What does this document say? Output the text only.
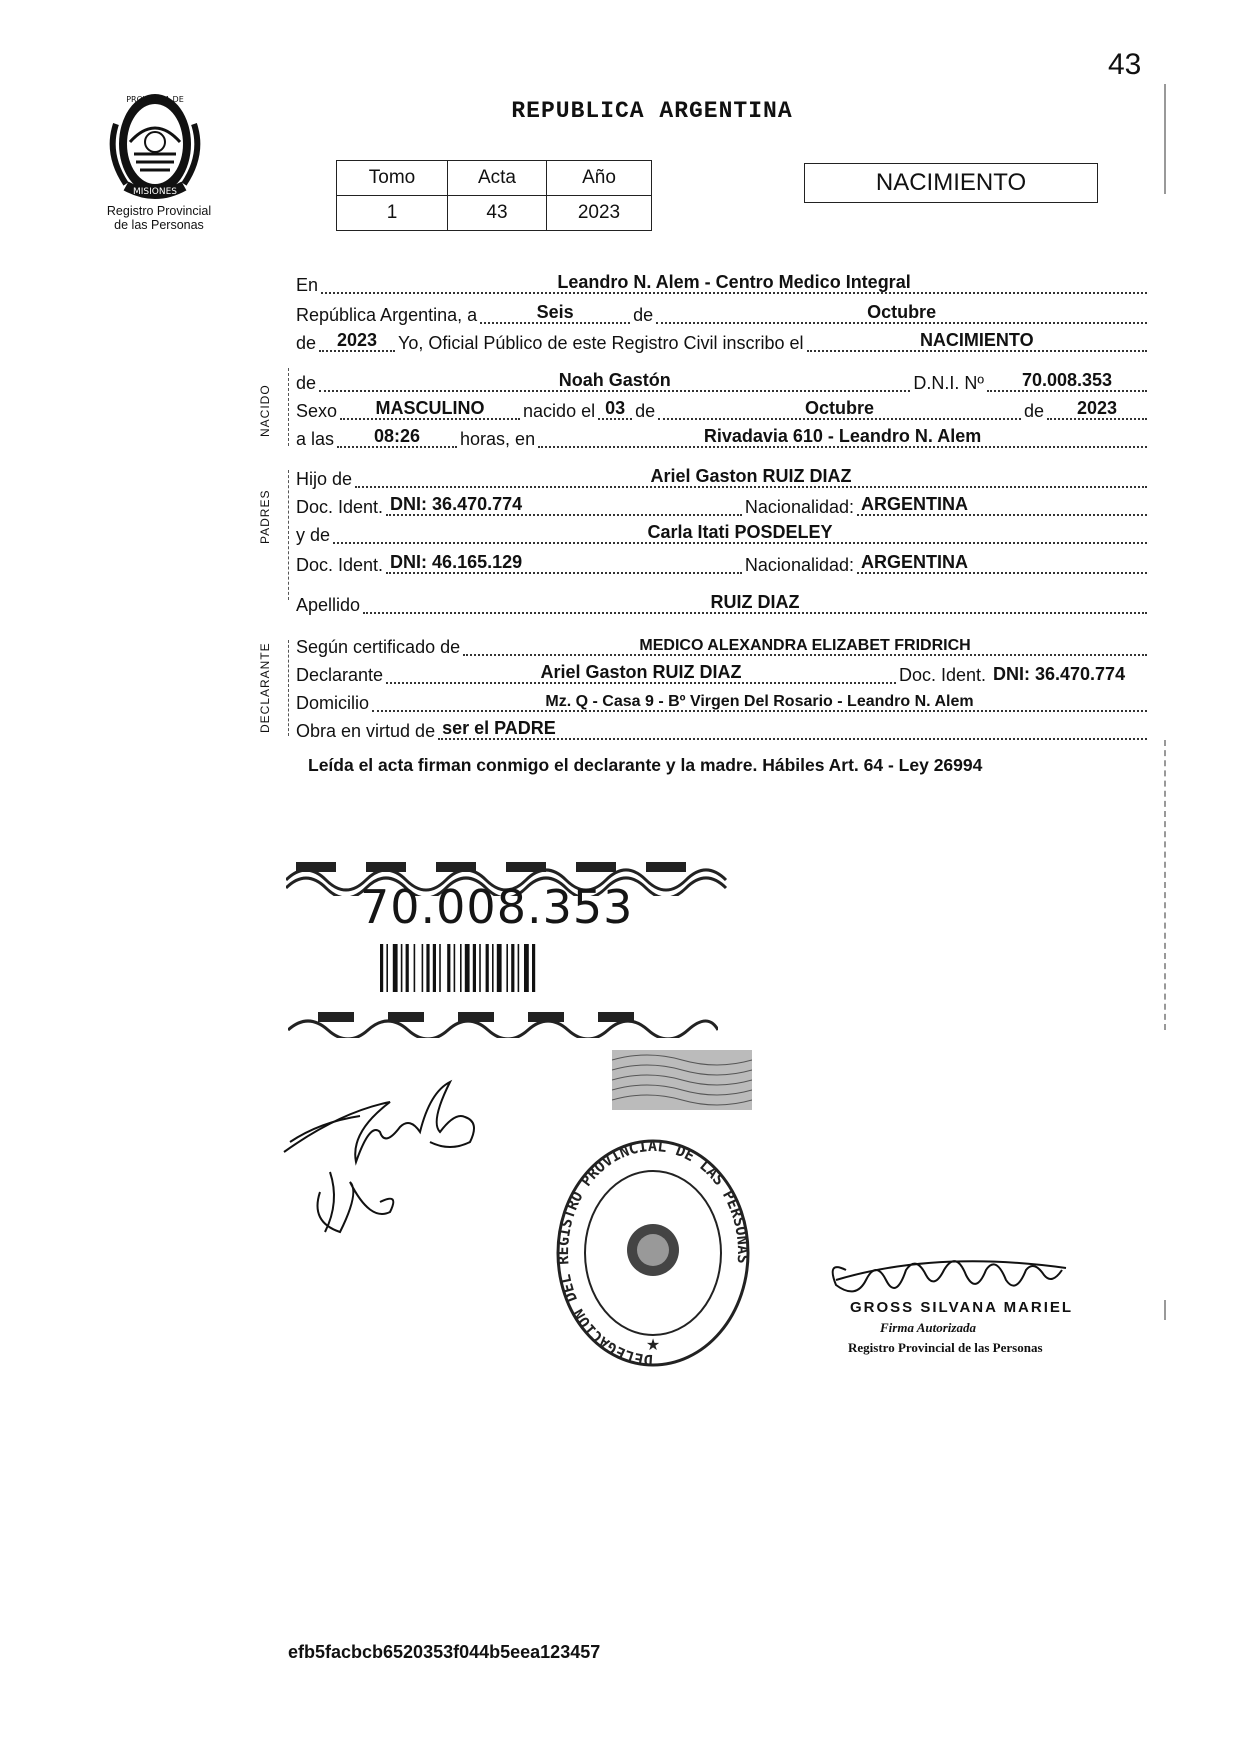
43
REPUBLICA ARGENTINA
MISIONES
PROVINCIA DE
Registro Provincial
de las Personas
Tomo	Acta	Año
1	43	2023
NACIMIENTO
NACIDO
PADRES
DECLARANTE
En	Leandro N. Alem - Centro Medico Integral
República Argentina, a	Seis	de	Octubre
de	2023	Yo, Oficial Público de este Registro Civil inscribo el	NACIMIENTO
de	Noah Gastón	D.N.I. Nº	70.008.353
Sexo	MASCULINO	nacido el 03 de	Octubre	de	2023
a las	08:26	horas, en	Rivadavia 610 - Leandro N. Alem
Hijo de	Ariel Gaston RUIZ DIAZ
Doc. Ident. DNI: 36.470.774	Nacionalidad: ARGENTINA
y de	Carla Itati POSDELEY
Doc. Ident. DNI: 46.165.129	Nacionalidad: ARGENTINA
Apellido	RUIZ DIAZ
Según certificado de	MEDICO ALEXANDRA ELIZABET FRIDRICH
Declarante	Ariel Gaston RUIZ DIAZ	Doc. Ident. DNI: 36.470.774
Domicilio	Mz. Q - Casa 9 - Bº Virgen Del Rosario - Leandro N. Alem
Obra en virtud de ser el PADRE
Leída el acta firman conmigo el declarante y la madre. Hábiles Art. 64 - Ley 26994
70.008.353
DELEGACION DEL REGISTRO PROVINCIAL DE LAS PERSONAS
★
GROSS SILVANA MARIEL
Firma Autorizada
Registro Provincial de las Personas
efb5facbcb6520353f044b5eea123457
